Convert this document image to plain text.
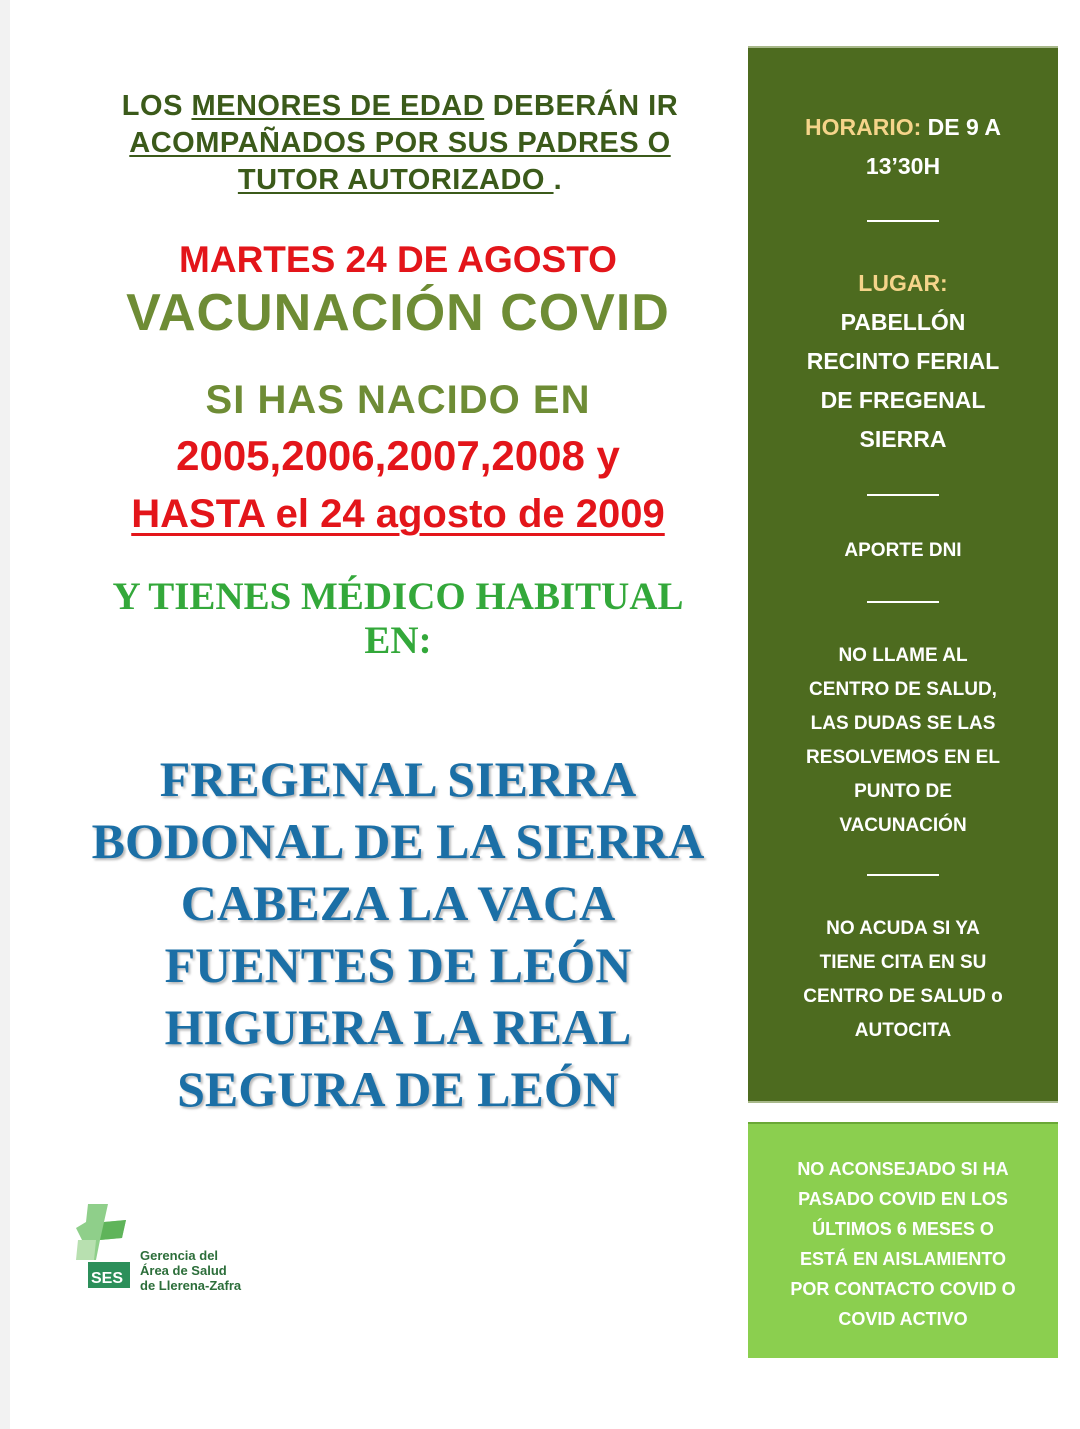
LOS MENORES DE EDAD DEBERÁN IR
ACOMPAÑADOS POR SUS PADRES O
TUTOR AUTORIZADO .
MARTES 24 DE AGOSTO
VACUNACIÓN COVID
SI HAS NACIDO EN
2005,2006,2007,2008 y
HASTA el 24 agosto de 2009
Y TIENES MÉDICO HABITUAL
EN:
FREGENAL SIERRA
BODONAL DE LA SIERRA
CABEZA LA VACA
FUENTES DE LEÓN
HIGUERA LA REAL
SEGURA DE LEÓN
SES
Gerencia del
Área de Salud
de Llerena-Zafra
HORARIO: DE 9 A
13’30H
LUGAR:
PABELLÓN
RECINTO FERIAL
DE FREGENAL
SIERRA
APORTE DNI
NO LLAME AL
CENTRO DE SALUD,
LAS DUDAS SE LAS
RESOLVEMOS EN EL
PUNTO DE
VACUNACIÓN
NO ACUDA SI YA
TIENE CITA EN SU
CENTRO DE SALUD o
AUTOCITA
NO ACONSEJADO SI HA
PASADO COVID EN LOS
ÚLTIMOS 6 MESES O
ESTÁ EN AISLAMIENTO
POR CONTACTO COVID O
COVID ACTIVO
